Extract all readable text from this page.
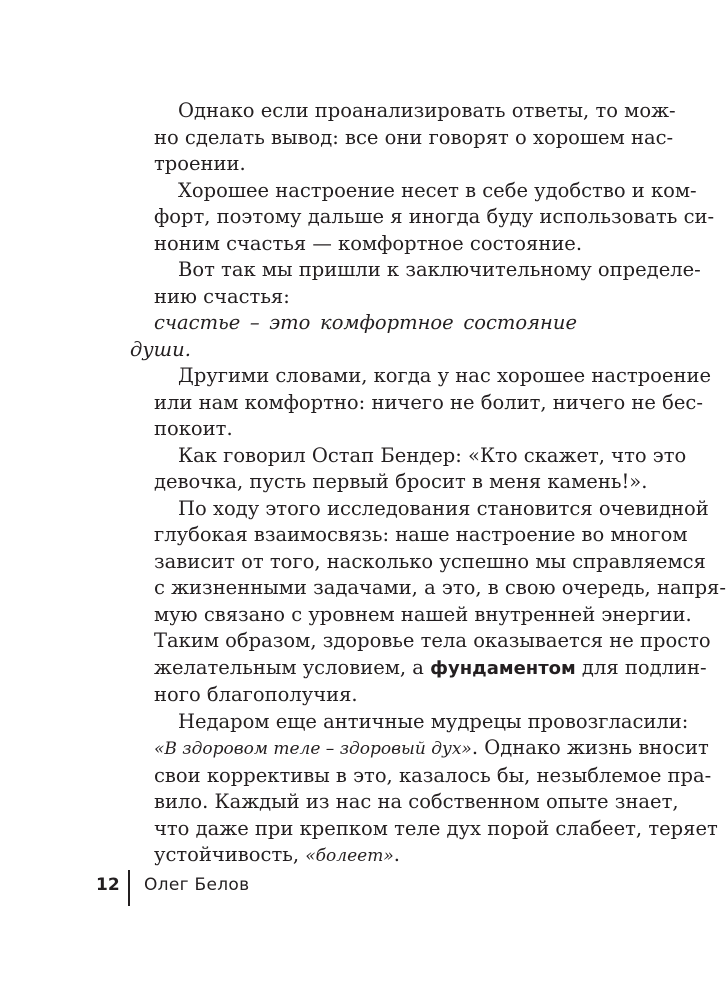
Однако если проанализировать ответы, то мож-
но сделать вывод: все они говорят о хорошем нас-
троении.

Хорошее настроение несет в себе удобство и ком-
форт, поэтому дальше я иногда буду использовать си-
ноним счастья — комфортное состояние.

Вот так мы пришли к заключительному определе-
нию счастья:

счастье – это комфортное состояние души.

Другими словами, когда у нас хорошее настроение
или нам комфортно: ничего не болит, ничего не бес-
покоит.

Как говорил Остап Бендер: «Кто скажет, что это
девочка, пусть первый бросит в меня камень!».

По ходу этого исследования становится очевидной
глубокая взаимосвязь: наше настроение во многом
зависит от того, насколько успешно мы справляемся
с жизненными задачами, а это, в свою очередь, напря-
мую связано с уровнем нашей внутренней энергии.
Таким образом, здоровье тела оказывается не просто
желательным условием, а фундаментом для подлин-
ного благополучия.

Недаром еще античные мудрецы провозгласили:
«В здоровом теле – здоровый дух». Однако жизнь вносит
свои коррективы в это, казалось бы, незыблемое пра-
вило. Каждый из нас на собственном опыте знает,
что даже при крепком теле дух порой слабеет, теряет
устойчивость, «болеет».

12 Олег Белов
